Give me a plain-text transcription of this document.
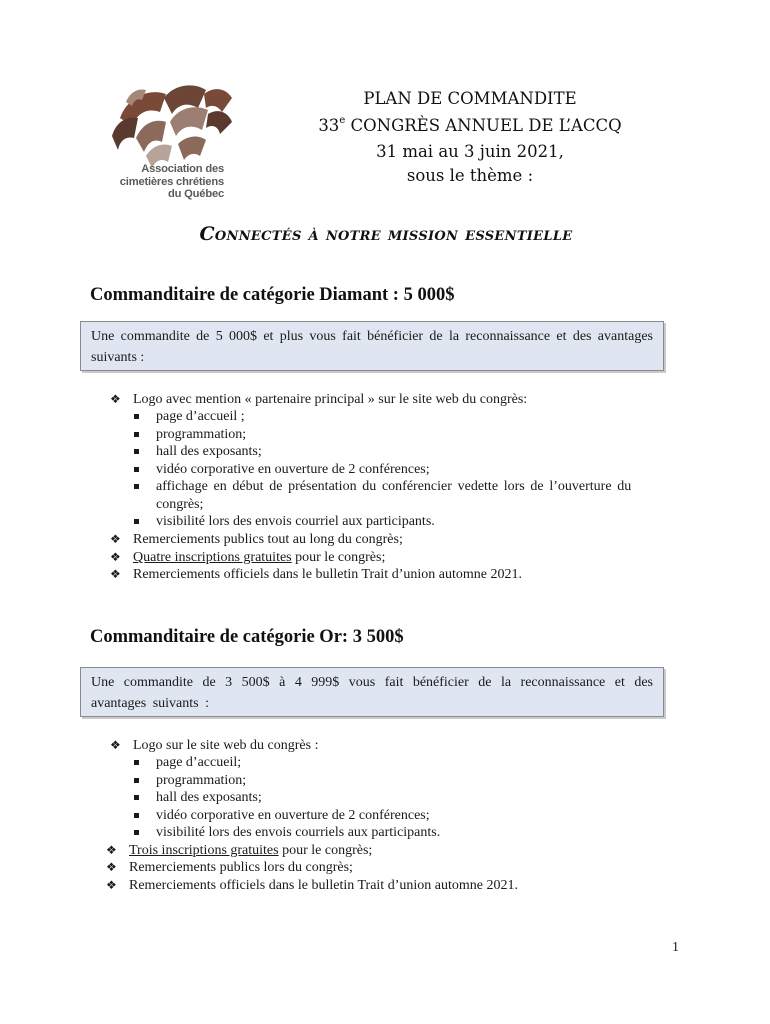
Association des
cimetières chrétiens
du Québec
PLAN DE COMMANDITE
33e CONGRÈS ANNUEL DE L’ACCQ
31 mai au 3 juin 2021,
sous le thème :
Connectés à notre mission essentielle
Commanditaire de catégorie Diamant : 5 000$
Une commandite de 5 000$ et plus vous fait bénéficier de la reconnaissance et des avantages suivants :
❖ Logo avec mention « partenaire principal » sur le site web du congrès:
page d’accueil ;
programmation;
hall des exposants;
vidéo corporative en ouverture de 2 conférences;
affichage en début de présentation du conférencier vedette lors de l’ouverture du
congrès;
visibilité lors des envois courriel aux participants.
❖ Remerciements publics tout au long du congrès;
❖ Quatre inscriptions gratuites pour le congrès;
❖ Remerciements officiels dans le bulletin Trait d’union automne 2021.
Commanditaire de catégorie Or: 3 500$
Une commandite de 3 500$ à 4 999$ vous fait bénéficier de la reconnaissance et des avantages suivants :
❖ Logo sur le site web du congrès :
page d’accueil;
programmation;
hall des exposants;
vidéo corporative en ouverture de 2 conférences;
visibilité lors des envois courriels aux participants.
❖ Trois inscriptions gratuites pour le congrès;
❖ Remerciements publics lors du congrès;
❖ Remerciements officiels dans le bulletin Trait d’union automne 2021.
1
